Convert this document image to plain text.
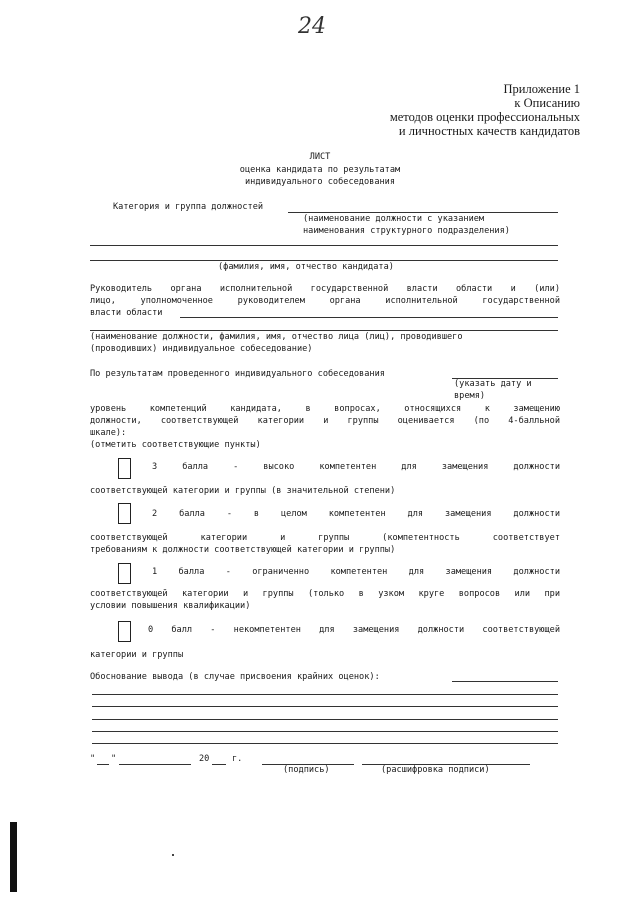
24
Приложение 1
к Описанию
методов оценки профессиональных
и личностных качеств кандидатов
ЛИСТ
оценка кандидата по результатам
индивидуального собеседования
Категория и группа должностей
(наименование должности с указанием
наименования структурного подразделения)
(фамилия, имя, отчество кандидата)
Руководитель органа исполнительной государственной власти области и (или)
лицо, уполномоченное руководителем органа исполнительной государственной
власти области
(наименование должности, фамилия, имя, отчество лица (лиц), проводившего
(проводивших) индивидуальное собеседование)
По результатам проведенного индивидуального собеседования
(указать дату и
время)
уровень компетенций кандидата, в вопросах, относящихся к замещению
должности, соответствующей категории и группы оценивается (по 4-балльной
шкале):
(отметить соответствующие пункты)
3 балла - высоко компетентен для замещения должности
соответствующей категории и группы (в значительной степени)
2 балла - в целом компетентен для замещения должности
соответствующей категории и группы (компетентность соответствует
требованиям к должности соответствующей категории и группы)
1 балла - ограниченно компетентен для замещения должности
соответствующей категории и группы (только в узком круге вопросов или при
условии повышения квалификации)
0 балл - некомпетентен для замещения должности соответствующей
категории и группы
Обоснование вывода (в случае присвоения крайних оценок):
" "	20	г.
(подпись)	(расшифровка подписи)
